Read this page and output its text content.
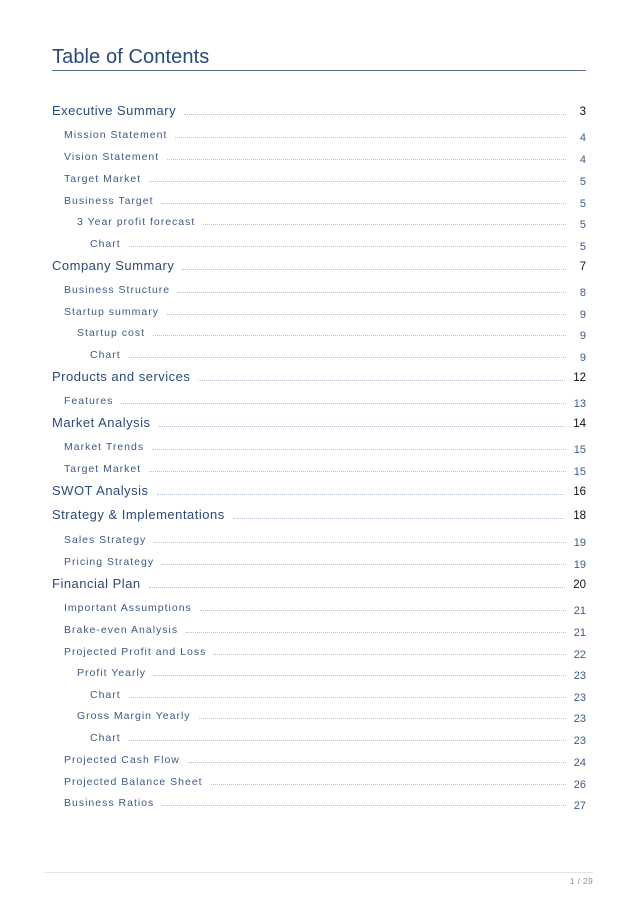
Table of Contents
Executive Summary	3
Mission Statement	4
Vision Statement	4
Target Market	5
Business Target	5
3 Year profit forecast	5
Chart	5
Company Summary	7
Business Structure	8
Startup summary	9
Startup cost	9
Chart	9
Products and services	12
Features	13
Market Analysis	14
Market Trends	15
Target Market	15
SWOT Analysis	16
Strategy & Implementations	18
Sales Strategy	19
Pricing Strategy	19
Financial Plan	20
Important Assumptions	21
Brake-even Analysis	21
Projected Profit and Loss	22
Profit Yearly	23
Chart	23
Gross Margin Yearly	23
Chart	23
Projected Cash Flow	24
Projected Balance Sheet	26
Business Ratios	27
1 / 29
